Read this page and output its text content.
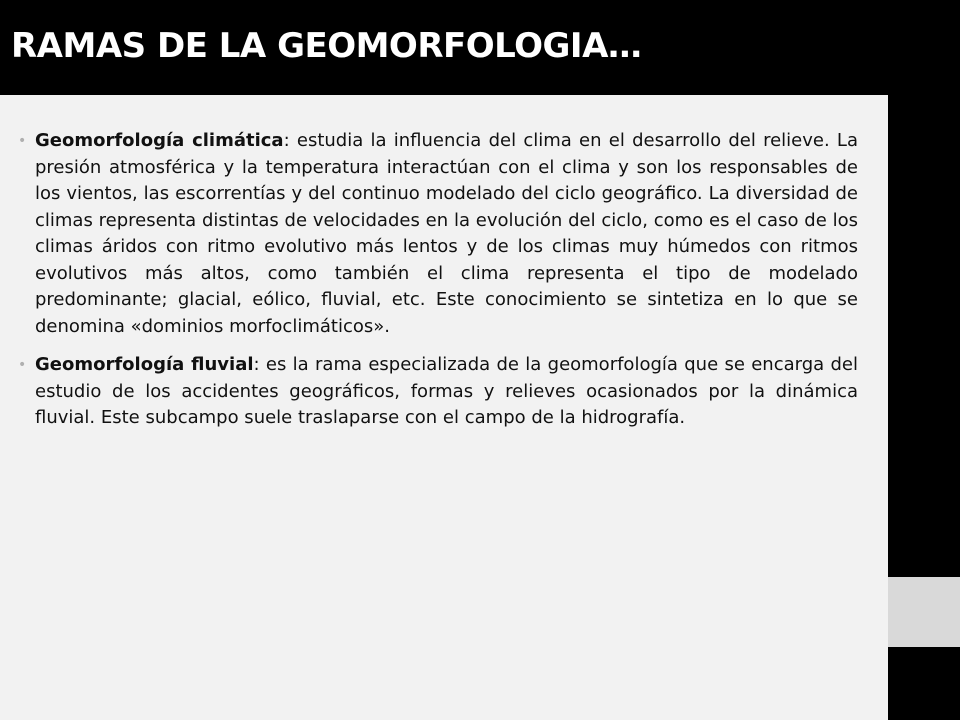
RAMAS DE LA GEOMORFOLOGIA…
• Geomorfología climática: estudia la influencia del clima en el desarrollo del relieve. La presión atmosférica y la temperatura interactúan con el clima y son los responsables de los vientos, las escorrentías y del continuo modelado del ciclo geográfico. La diversidad de climas representa distintas de velocidades en la evolución del ciclo, como es el caso de los climas áridos con ritmo evolutivo más lentos y de los climas muy húmedos con ritmos evolutivos más altos, como también el clima representa el tipo de modelado predominante; glacial, eólico, fluvial, etc. Este conocimiento se sintetiza en lo que se denomina «dominios morfoclimáticos».
• Geomorfología fluvial: es la rama especializada de la geomorfología que se encarga del estudio de los accidentes geográficos, formas y relieves ocasionados por la dinámica fluvial. Este subcampo suele traslaparse con el campo de la hidrografía.
